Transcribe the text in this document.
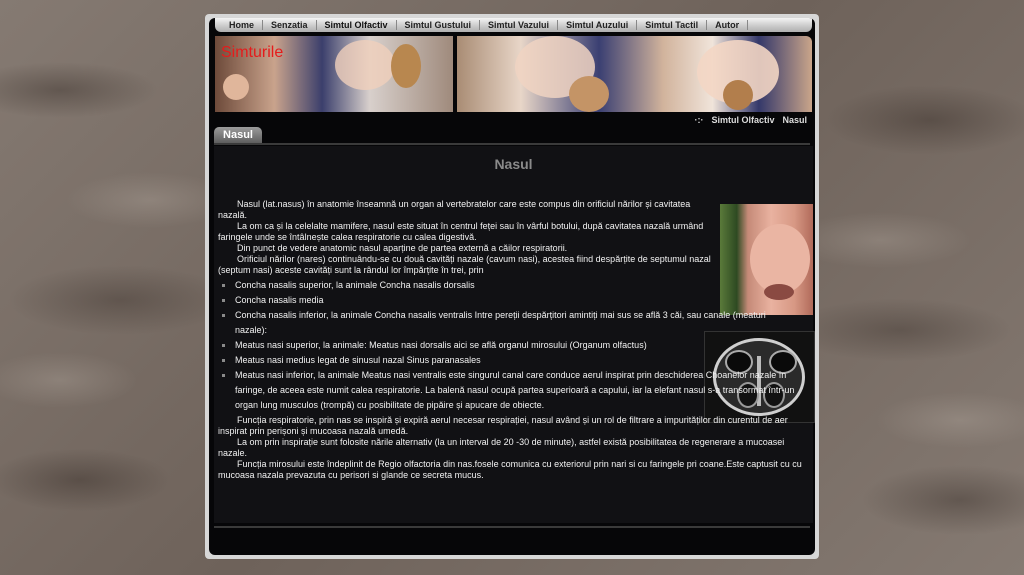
Home	Senzatia	Simtul Olfactiv	Simtul Gustului	Simtul Vazului	Simtul Auzului	Simtul Tactil	Autor
Simturile
·:· Simtul Olfactiv Nasul
Nasul
Nasul

Nasul (lat.nasus) în anatomie înseamnă un organ al vertebratelor care este compus din orificiul nărilor și cavitatea nazală.

La om ca și la celelalte mamifere, nasul este situat în centrul feței sau în vârful botului, după cavitatea nazală urmând faringele unde se întâlnește calea respiratorie cu calea digestivă.

Din punct de vedere anatomic nasul aparține de partea externă a căilor respiratorii.

Orificiul nărilor (nares) continuându-se cu două cavități nazale (cavum nasi), acestea fiind despărțite de septumul nazal (septum nasi) aceste cavități sunt la rândul lor împărțite în trei, prin

Concha nasalis superior, la animale Concha nasalis dorsalis
Concha nasalis media
Concha nasalis inferior, la animale Concha nasalis ventralis Intre pereții despărțitori amintiți mai sus se află 3 căi, sau canale (meaturi nazale):
Meatus nasi superior, la animale: Meatus nasi dorsalis aici se află organul mirosului (Organum olfactus)
Meatus nasi medius legat de sinusul nazal Sinus paranasales
Meatus nasi inferior, la animale Meatus nasi ventralis este singurul canal care conduce aerul inspirat prin deschiderea Choanelor nazale în faringe, de aceea este numit calea respiratorie. La balenă nasul ocupă partea superioară a capului, iar la elefant nasul s-a transormat într-un organ lung musculos (trompă) cu posibilitate de pipăire și apucare de obiecte.

Funcția respiratorie, prin nas se inspiră și expiră aerul necesar respirației, nasul având și un rol de filtrare a impurităților din curentul de aer inspirat prin perișoni și mucoasa nazală umedă.

La om prin inspirație sunt folosite nările alternativ (la un interval de 20 -30 de minute), astfel există posibilitatea de regenerare a mucoasei nazale.

Funcția mirosului este îndeplinit de Regio olfactoria din nas.fosele comunica cu exteriorul prin nari si cu faringele pri coane.Este captusit cu cu mucoasa nazala prevazuta cu perisori si glande ce secreta mucus.
